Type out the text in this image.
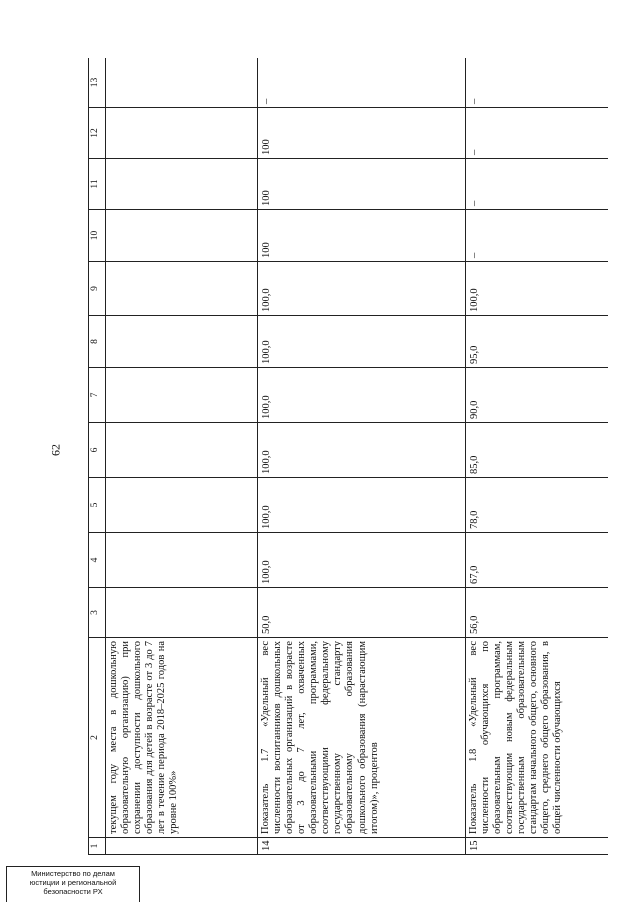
62
1	2	3	4	5	6	7	8	9	10	11	12	13
	текущем году места в дошкольную образовательную организацию) при сохранении доступности дошкольного образования для детей в возрасте от 3 до 7 лет в течение периода 2018–2025 годов на уровне 100%»											
14	Показатель 1.7 «Удельный вес численности воспитанников дошкольных образовательных организаций в возрасте от 3 до 7 лет, охваченных образовательными программами, соответствующими федеральному государственному стандарту образовательному образования дошкольного образования (нарастающим итогом)», процентов	50,0	100,0	100,0	100,0	100,0	100,0	100,0	100	100	100	–
15	Показатель 1.8 «Удельный вес численности обучающихся по образовательным программам, соответствующим новым федеральным государственным образовательным стандартам начального общего, основного общего, среднего общего образования, в общей численности обучающихся	56,0	67,0	78,0	85,0	90,0	95,0	100,0	–	–	–	–
Министерство по делам
юстиции и региональной
безопасности РХ
